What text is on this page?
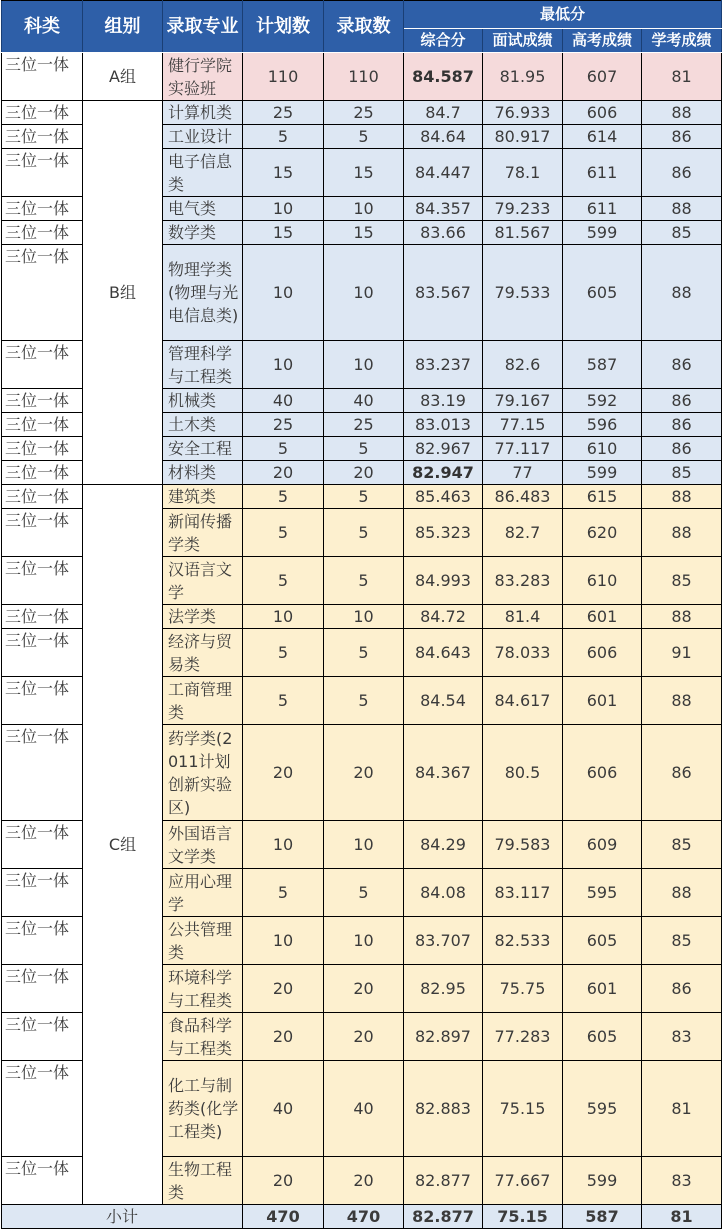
科类	组别	录取专业	计划数	录取数	最低分			
					综合分	面试成绩	高考成绩	学考成绩
三位一体	A组	健行学院实验班	110	110	84.587	81.95	607	81
三位一体	B组	计算机类	25	25	84.7	76.933	606	88
三位一体		工业设计	5	5	84.64	80.917	614	86
三位一体		电子信息类	15	15	84.447	78.1	611	86
三位一体		电气类	10	10	84.357	79.233	611	88
三位一体		数学类	15	15	83.66	81.567	599	85
三位一体		物理学类(物理与光电信息类)	10	10	83.567	79.533	605	88
三位一体		管理科学与工程类	10	10	83.237	82.6	587	86
三位一体		机械类	40	40	83.19	79.167	592	86
三位一体		土木类	25	25	83.013	77.15	596	86
三位一体		安全工程	5	5	82.967	77.117	610	86
三位一体		材料类	20	20	82.947	77	599	85
三位一体	C组	建筑类	5	5	85.463	86.483	615	88
三位一体		新闻传播学类	5	5	85.323	82.7	620	88
三位一体		汉语言文学	5	5	84.993	83.283	610	85
三位一体		法学类	10	10	84.72	81.4	601	88
三位一体		经济与贸易类	5	5	84.643	78.033	606	91
三位一体		工商管理类	5	5	84.54	84.617	601	88
三位一体		药学类(2011计划创新实验区)	20	20	84.367	80.5	606	86
三位一体		外国语言文学类	10	10	84.29	79.583	609	85
三位一体		应用心理学	5	5	84.08	83.117	595	88
三位一体		公共管理类	10	10	83.707	82.533	605	85
三位一体		环境科学与工程类	20	20	82.95	75.75	601	86
三位一体		食品科学与工程类	20	20	82.897	77.283	605	83
三位一体		化工与制药类(化学工程类)	40	40	82.883	75.15	595	81
三位一体		生物工程类	20	20	82.877	77.667	599	83
小计			470	470	82.877	75.15	587	81
